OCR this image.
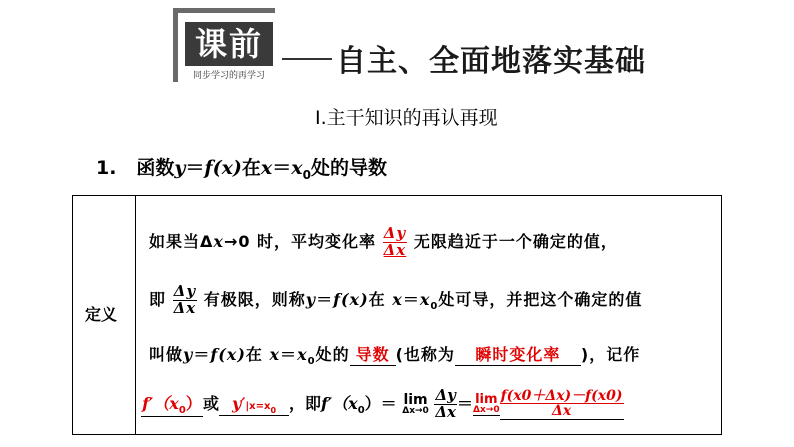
课前
同步学习的再学习 自主、全面地落实基础
Ⅰ.主干知识的再认再现
1. 函数y＝f(x)在$x=x_0$处的导数
定义
如果当Δx→0 时，平均变化率 $\frac{\Delta y}{\Delta x}$ 无限趋近于一个确定的值，
即 $\frac{\Delta y}{\Delta x}$ 有极限，则称y＝f(x)在 $x=x_0$处可导，并把这个确定的值
叫做y＝f(x)在 $x=x_0$处的 导数 (也称为 瞬时变化率 )，记作
$f'(x_0)$或 $y'|x=x_0$ ，即$f'(x_0)= \lim$
Δx→0
$\frac{\Delta y}{\Delta x} = \lim$
$\Delta x\to 0 \frac{f(x0+\Delta x)-f(x0)}{\Delta x}$
